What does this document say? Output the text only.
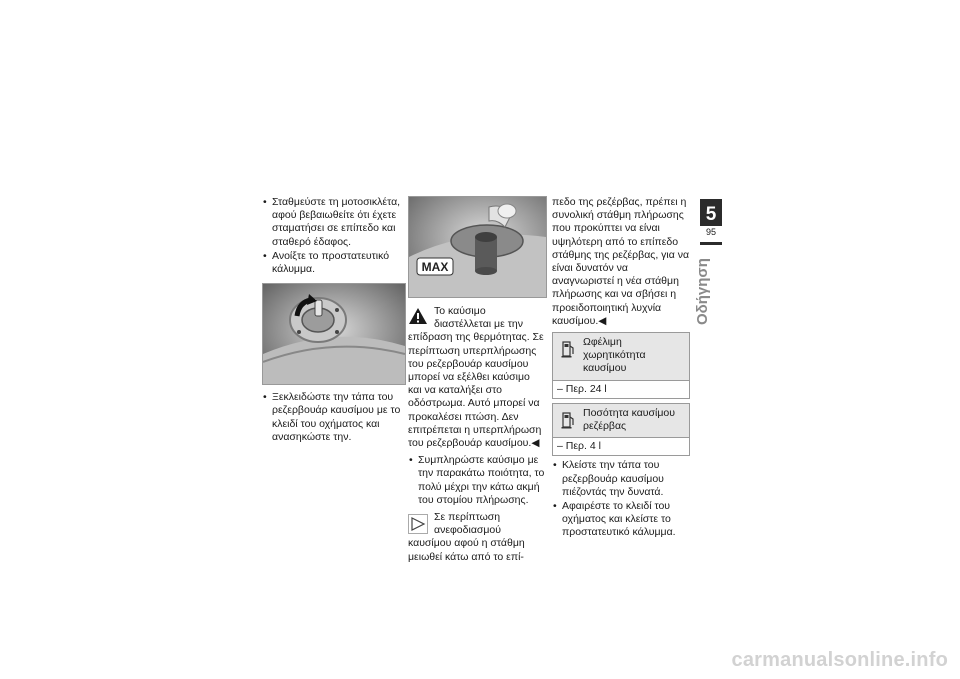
• Σταθμεύστε τη μοτοσικλέτα, αφού βεβαιωθείτε ότι έχετε σταματήσει σε επίπεδο και σταθερό έδαφος.
• Ανοίξτε το προστατευτικό κάλυμμα.
• Ξεκλειδώστε την τάπα του ρεζερβουάρ καυσίμου με το κλειδί του οχήματος και ανασηκώστε την.
MAX

Το καύσιμο διαστέλλεται με την επίδραση της θερμότητας. Σε περίπτωση υπερπλήρωσης του ρεζερβουάρ καυσίμου μπορεί να εξέλθει καύσιμο και να καταλήξει στο οδόστρωμα. Αυτό μπορεί να προκαλέσει πτώση. Δεν επιτρέπεται η υπερπλήρωση του ρεζερβουάρ καυσίμου.◀

• Συμπληρώστε καύσιμο με την παρακάτω ποιότητα, το πολύ μέχρι την κάτω ακμή του στομίου πλήρωσης.

Σε περίπτωση ανεφοδιασμού καυσίμου αφού η στάθμη μειωθεί κάτω από το επί-

πεδο της ρεζέρβας, πρέπει η συνολική στάθμη πλήρωσης που προκύπτει να είναι υψηλότερη από το επίπεδο στάθμης της ρεζέρβας, για να είναι δυνατόν να αναγνωριστεί η νέα στάθμη πλήρωσης και να σβήσει η προειδοποιητική λυχνία καυσίμου.◀

Ωφέλιμη χωρητικότητα καυσίμου
– Περ. 24 l
Ποσότητα καυσίμου ρεζέρβας
– Περ. 4 l
• Κλείστε την τάπα του ρεζερβουάρ καυσίμου πιέζοντάς την δυνατά.
• Αφαιρέστε το κλειδί του οχήματος και κλείστε το προστατευτικό κάλυμμα.
5
95
Οδήγηση
carmanualsonline.info
